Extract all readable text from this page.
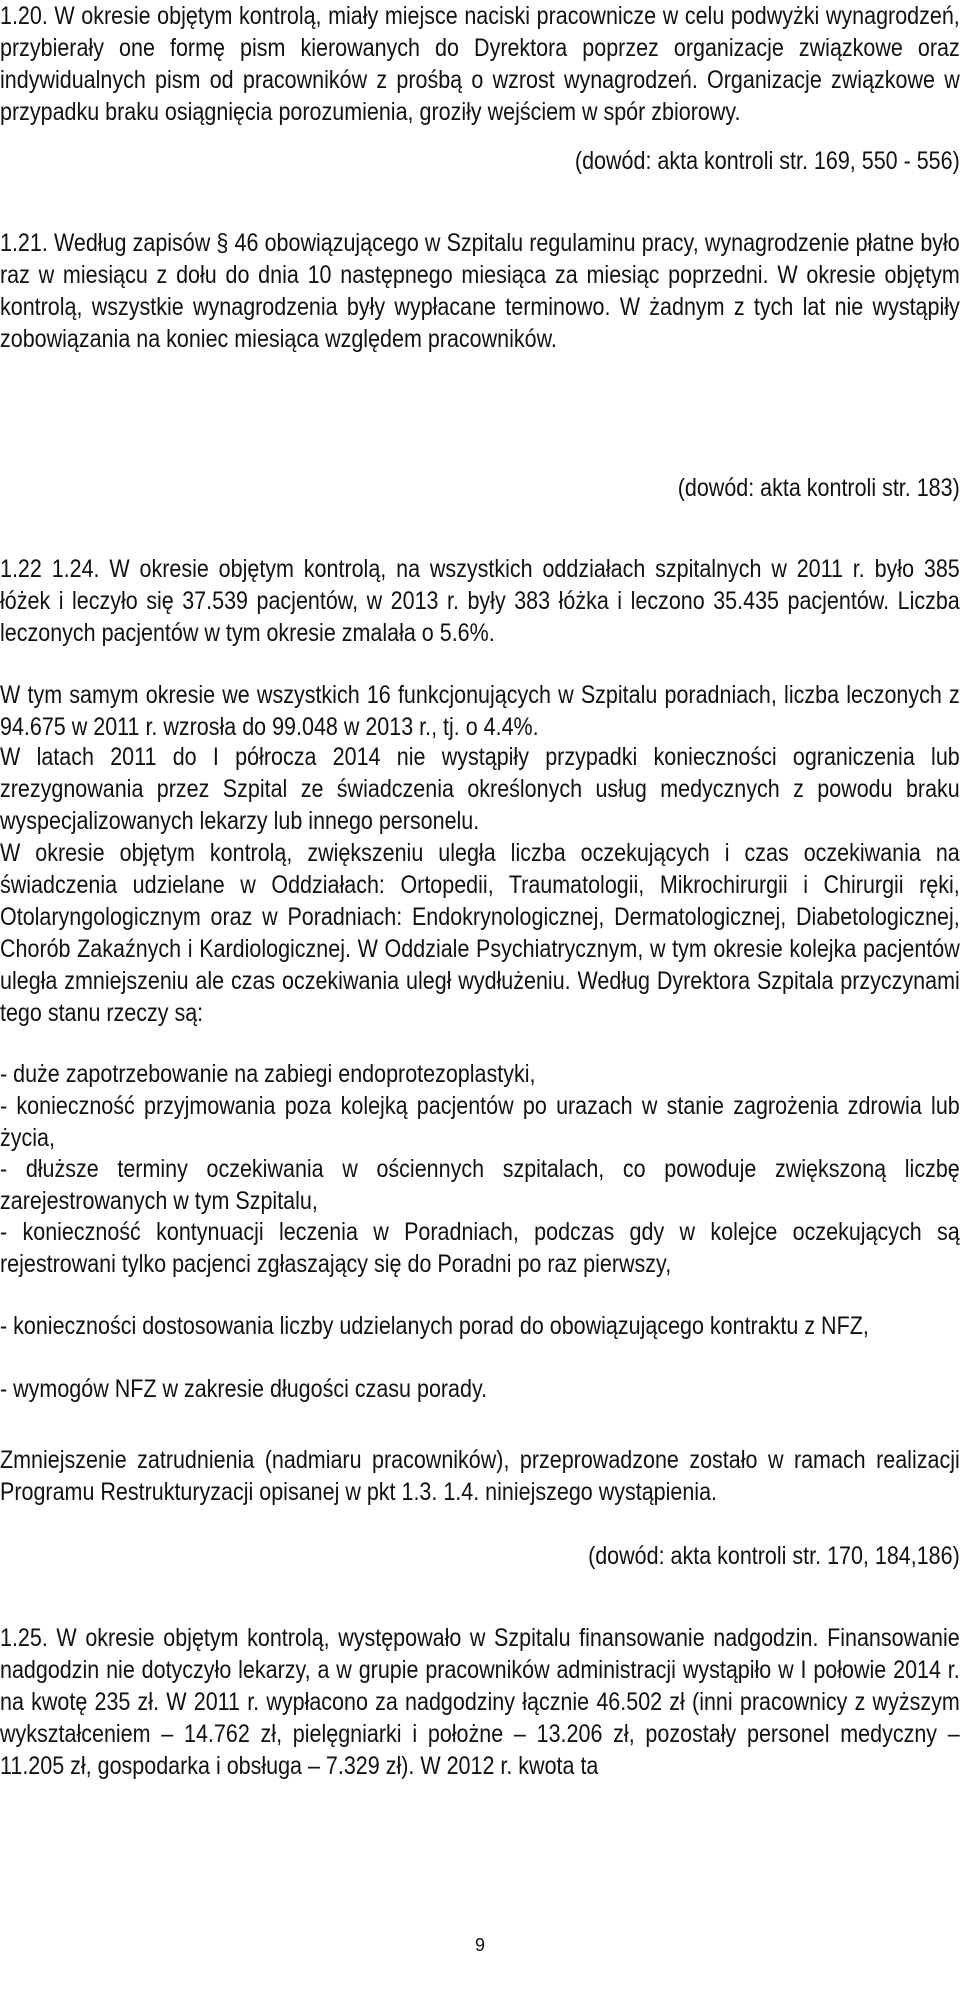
1.20. W okresie objętym kontrolą, miały miejsce naciski pracownicze w celu podwyżki wynagrodzeń, przybierały one formę pism kierowanych do Dyrektora poprzez organizacje związkowe oraz indywidualnych pism od pracowników z prośbą o wzrost wynagrodzeń. Organizacje związkowe w przypadku braku osiągnięcia porozumienia, groziły wejściem w spór zbiorowy.
(dowód: akta kontroli str. 169, 550 - 556)
1.21. Według zapisów § 46 obowiązującego w Szpitalu regulaminu pracy, wynagrodzenie płatne było raz w miesiącu z dołu do dnia 10 następnego miesiąca za miesiąc poprzedni. W okresie objętym kontrolą, wszystkie wynagrodzenia były wypłacane terminowo. W żadnym z tych lat nie wystąpiły zobowiązania na koniec miesiąca względem pracowników.
(dowód: akta kontroli str. 183)
1.22 1.24. W okresie objętym kontrolą, na wszystkich oddziałach szpitalnych w 2011 r. było 385 łóżek i leczyło się 37.539 pacjentów, w 2013 r. były 383 łóżka i leczono 35.435 pacjentów. Liczba leczonych pacjentów w tym okresie zmalała o 5.6%.
W tym samym okresie we wszystkich 16 funkcjonujących w Szpitalu poradniach, liczba leczonych z 94.675 w 2011 r. wzrosła do 99.048 w 2013 r., tj. o 4.4%.
W latach 2011 do I półrocza 2014 nie wystąpiły przypadki konieczności ograniczenia lub zrezygnowania przez Szpital ze świadczenia określonych usług medycznych z powodu braku wyspecjalizowanych lekarzy lub innego personelu.
W okresie objętym kontrolą, zwiększeniu uległa liczba oczekujących i czas oczekiwania na świadczenia udzielane w Oddziałach: Ortopedii, Traumatologii, Mikrochirurgii i Chirurgii ręki, Otolaryngologicznym oraz w Poradniach: Endokrynologicznej, Dermatologicznej, Diabetologicznej, Chorób Zakaźnych i Kardiologicznej. W Oddziale Psychiatrycznym, w tym okresie kolejka pacjentów uległa zmniejszeniu ale czas oczekiwania uległ wydłużeniu. Według Dyrektora Szpitala przyczynami tego stanu rzeczy są:
- duże zapotrzebowanie na zabiegi endoprotezoplastyki,
- konieczność przyjmowania poza kolejką pacjentów po urazach w stanie zagrożenia zdrowia lub życia,
- dłuższe terminy oczekiwania w ościennych szpitalach, co powoduje zwiększoną liczbę zarejestrowanych w tym Szpitalu,
- konieczność kontynuacji leczenia w Poradniach, podczas gdy w kolejce oczekujących są rejestrowani tylko pacjenci zgłaszający się do Poradni po raz pierwszy,
- konieczności dostosowania liczby udzielanych porad do obowiązującego kontraktu z NFZ,
- wymogów NFZ w zakresie długości czasu porady.
Zmniejszenie zatrudnienia (nadmiaru pracowników), przeprowadzone zostało w ramach realizacji Programu Restrukturyzacji opisanej w pkt 1.3. 1.4. niniejszego wystąpienia.
(dowód: akta kontroli str. 170, 184,186)
1.25. W okresie objętym kontrolą, występowało w Szpitalu finansowanie nadgodzin. Finansowanie nadgodzin nie dotyczyło lekarzy, a w grupie pracowników administracji wystąpiło w I połowie 2014 r. na kwotę 235 zł. W 2011 r. wypłacono za nadgodziny łącznie 46.502 zł (inni pracownicy z wyższym wykształceniem – 14.762 zł, pielęgniarki i położne – 13.206 zł, pozostały personel medyczny – 11.205 zł, gospodarka i obsługa – 7.329 zł). W 2012 r. kwota ta
9
